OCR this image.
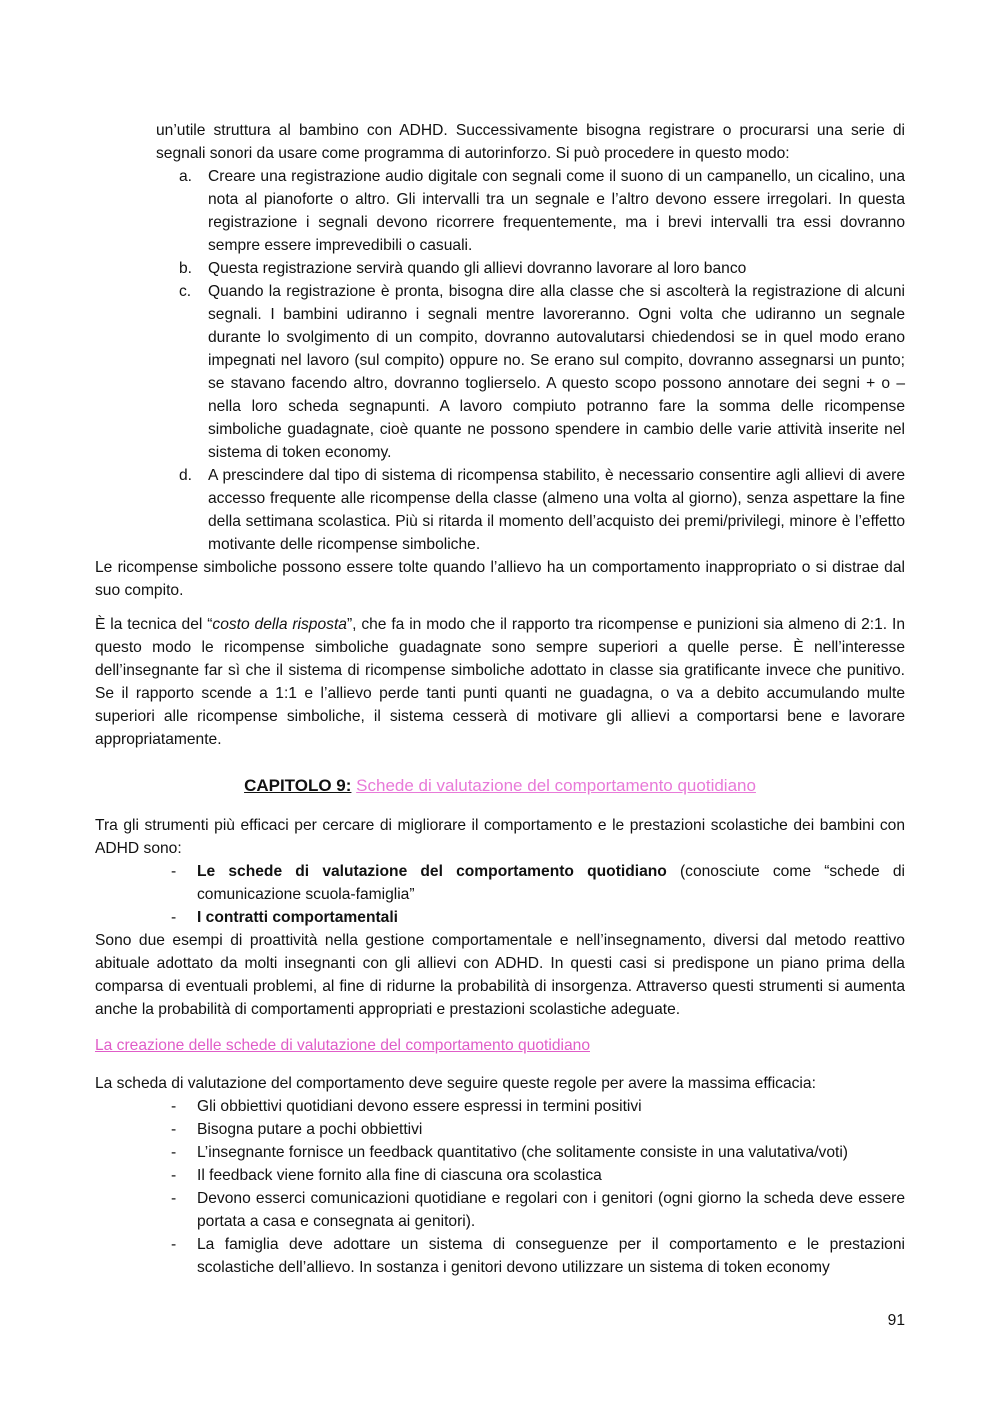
un’utile struttura al bambino con ADHD. Successivamente bisogna registrare o procurarsi una serie di segnali sonori da usare come programma di autorinforzo. Si può procedere in questo modo:

a. Creare una registrazione audio digitale con segnali come il suono di un campanello, un cicalino, una nota al pianoforte o altro. Gli intervalli tra un segnale e l’altro devono essere irregolari. In questa registrazione i segnali devono ricorrere frequentemente, ma i brevi intervalli tra essi dovranno sempre essere imprevedibili o casuali.
b. Questa registrazione servirà quando gli allievi dovranno lavorare al loro banco
c. Quando la registrazione è pronta, bisogna dire alla classe che si ascolterà la registrazione di alcuni segnali. I bambini udiranno i segnali mentre lavoreranno. Ogni volta che udiranno un segnale durante lo svolgimento di un compito, dovranno autovalutarsi chiedendosi se in quel modo erano impegnati nel lavoro (sul compito) oppure no. Se erano sul compito, dovranno assegnarsi un punto; se stavano facendo altro, dovranno toglierselo. A questo scopo possono annotare dei segni + o – nella loro scheda segnapunti. A lavoro compiuto potranno fare la somma delle ricompense simboliche guadagnate, cioè quante ne possono spendere in cambio delle varie attività inserite nel sistema di token economy.
d. A prescindere dal tipo di sistema di ricompensa stabilito, è necessario consentire agli allievi di avere accesso frequente alle ricompense della classe (almeno una volta al giorno), senza aspettare la fine della settimana scolastica. Più si ritarda il momento dell’acquisto dei premi/privilegi, minore è l’effetto motivante delle ricompense simboliche.

Le ricompense simboliche possono essere tolte quando l’allievo ha un comportamento inappropriato o si distrae dal suo compito.

È la tecnica del “costo della risposta”, che fa in modo che il rapporto tra ricompense e punizioni sia almeno di 2:1. In questo modo le ricompense simboliche guadagnate sono sempre superiori a quelle perse. È nell’interesse dell’insegnante far sì che il sistema di ricompense simboliche adottato in classe sia gratificante invece che punitivo. Se il rapporto scende a 1:1 e l’allievo perde tanti punti quanti ne guadagna, o va a debito accumulando multe superiori alle ricompense simboliche, il sistema cesserà di motivare gli allievi a comportarsi bene e lavorare appropriatamente.

CAPITOLO 9: Schede di valutazione del comportamento quotidiano

Tra gli strumenti più efficaci per cercare di migliorare il comportamento e le prestazioni scolastiche dei bambini con ADHD sono:

- Le schede di valutazione del comportamento quotidiano (conosciute come “schede di comunicazione scuola-famiglia”
- I contratti comportamentali

Sono due esempi di proattività nella gestione comportamentale e nell’insegnamento, diversi dal metodo reattivo abituale adottato da molti insegnanti con gli allievi con ADHD. In questi casi si predispone un piano prima della comparsa di eventuali problemi, al fine di ridurne la probabilità di insorgenza. Attraverso questi strumenti si aumenta anche la probabilità di comportamenti appropriati e prestazioni scolastiche adeguate.

La creazione delle schede di valutazione del comportamento quotidiano

La scheda di valutazione del comportamento deve seguire queste regole per avere la massima efficacia:

- Gli obbiettivi quotidiani devono essere espressi in termini positivi
- Bisogna putare a pochi obbiettivi
- L’insegnante fornisce un feedback quantitativo (che solitamente consiste in una valutativa/voti)
- Il feedback viene fornito alla fine di ciascuna ora scolastica
- Devono esserci comunicazioni quotidiane e regolari con i genitori (ogni giorno la scheda deve essere portata a casa e consegnata ai genitori).
- La famiglia deve adottare un sistema di conseguenze per il comportamento e le prestazioni scolastiche dell’allievo. In sostanza i genitori devono utilizzare un sistema di token economy
91
